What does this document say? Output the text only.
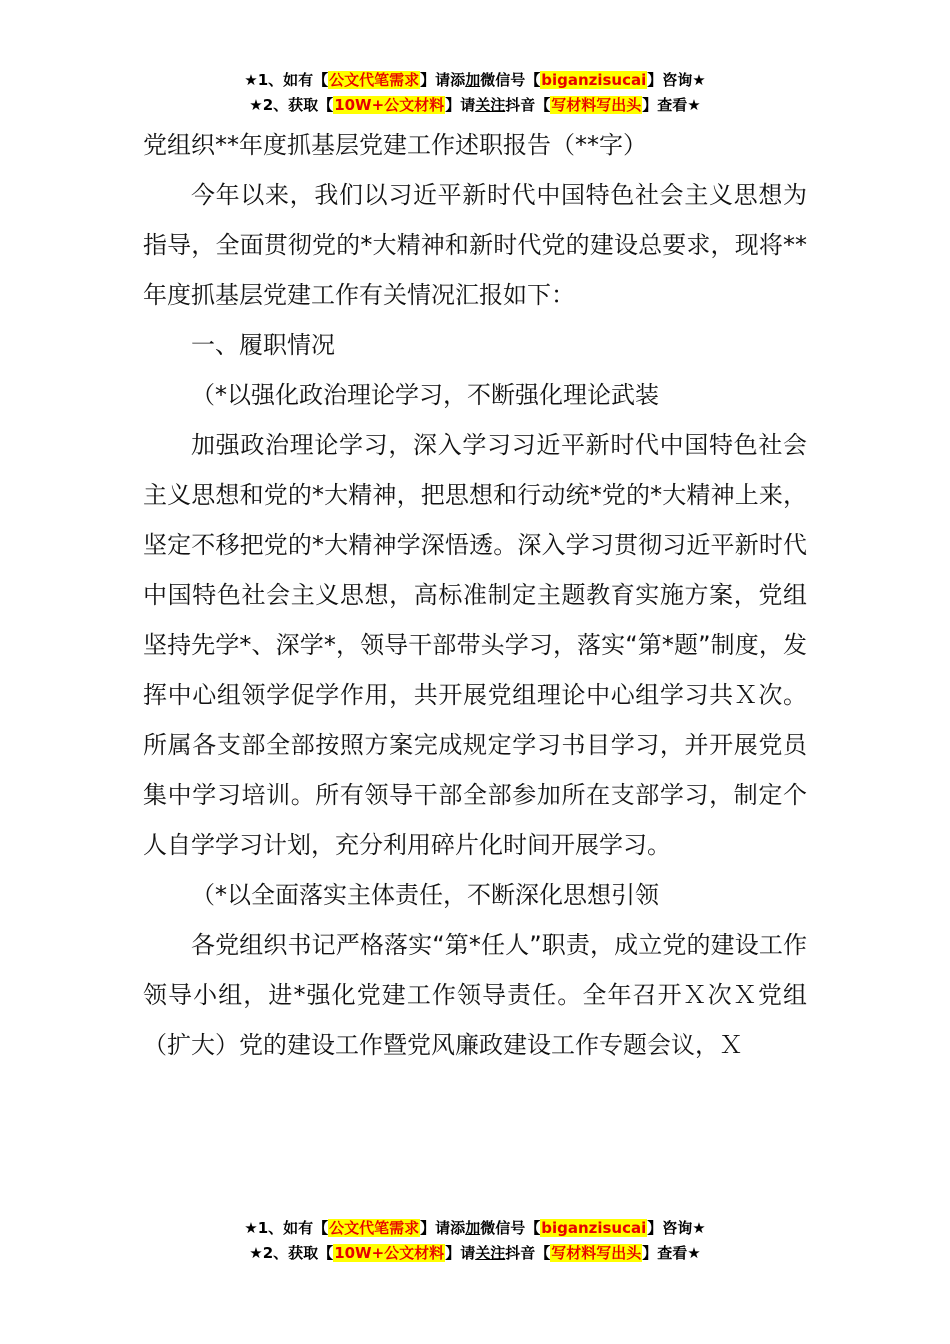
★1、如有【公文代笔需求】请添加微信号【biganzisucai】咨询★
★2、获取【10W+公文材料】请关注抖音【写材料写出头】查看★

党组织**年度抓基层党建工作述职报告（**字）

今年以来，我们以习近平新时代中国特色社会主义思想为指导，全面贯彻党的*大精神和新时代党的建设总要求，现将**年度抓基层党建工作有关情况汇报如下：

一、履职情况

（*以强化政治理论学习，不断强化理论武装

加强政治理论学习，深入学习习近平新时代中国特色社会主义思想和党的*大精神，把思想和行动统*党的*大精神上来，坚定不移把党的*大精神学深悟透。深入学习贯彻习近平新时代中国特色社会主义思想，高标准制定主题教育实施方案，党组坚持先学*、深学*，领导干部带头学习，落实“第*题”制度，发挥中心组领学促学作用，共开展党组理论中心组学习共Ｘ次。所属各支部全部按照方案完成规定学习书目学习，并开展党员集中学习培训。所有领导干部全部参加所在支部学习，制定个人自学学习计划，充分利用碎片化时间开展学习。

（*以全面落实主体责任，不断深化思想引领

各党组织书记严格落实“第*任人”职责，成立党的建设工作领导小组，进*强化党建工作领导责任。全年召开Ｘ次Ｘ党组（扩大）党的建设工作暨党风廉政建设工作专题会议，Ｘ

★1、如有【公文代笔需求】请添加微信号【biganzisucai】咨询★
★2、获取【10W+公文材料】请关注抖音【写材料写出头】查看★
